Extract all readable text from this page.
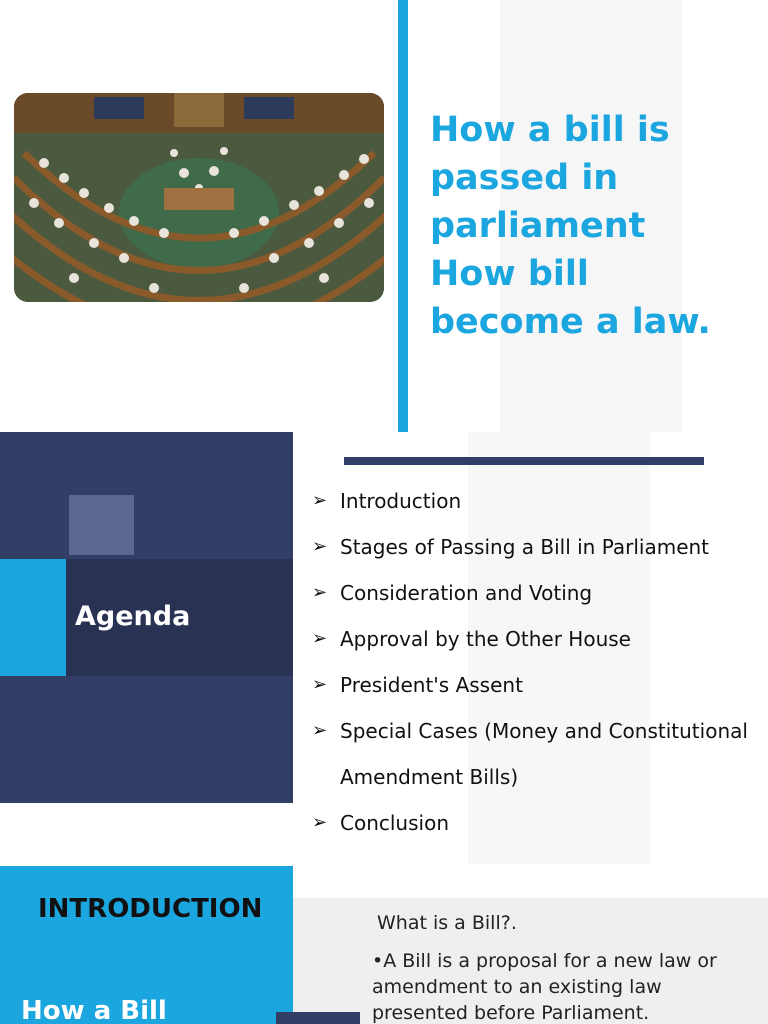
How a bill is
passed in
parliament
How bill
become a law.
Agenda
➢ Introduction
➢ Stages of Passing a Bill in Parliament
➢ Consideration and Voting
➢ Approval by the Other House
➢ President's Assent
➢ Special Cases (Money and Constitutional
Amendment Bills)
➢ Conclusion
INTRODUCTION
How a Bill

What is a Bill?.

•A Bill is a proposal for a new law or amendment to an existing law presented before Parliament.
